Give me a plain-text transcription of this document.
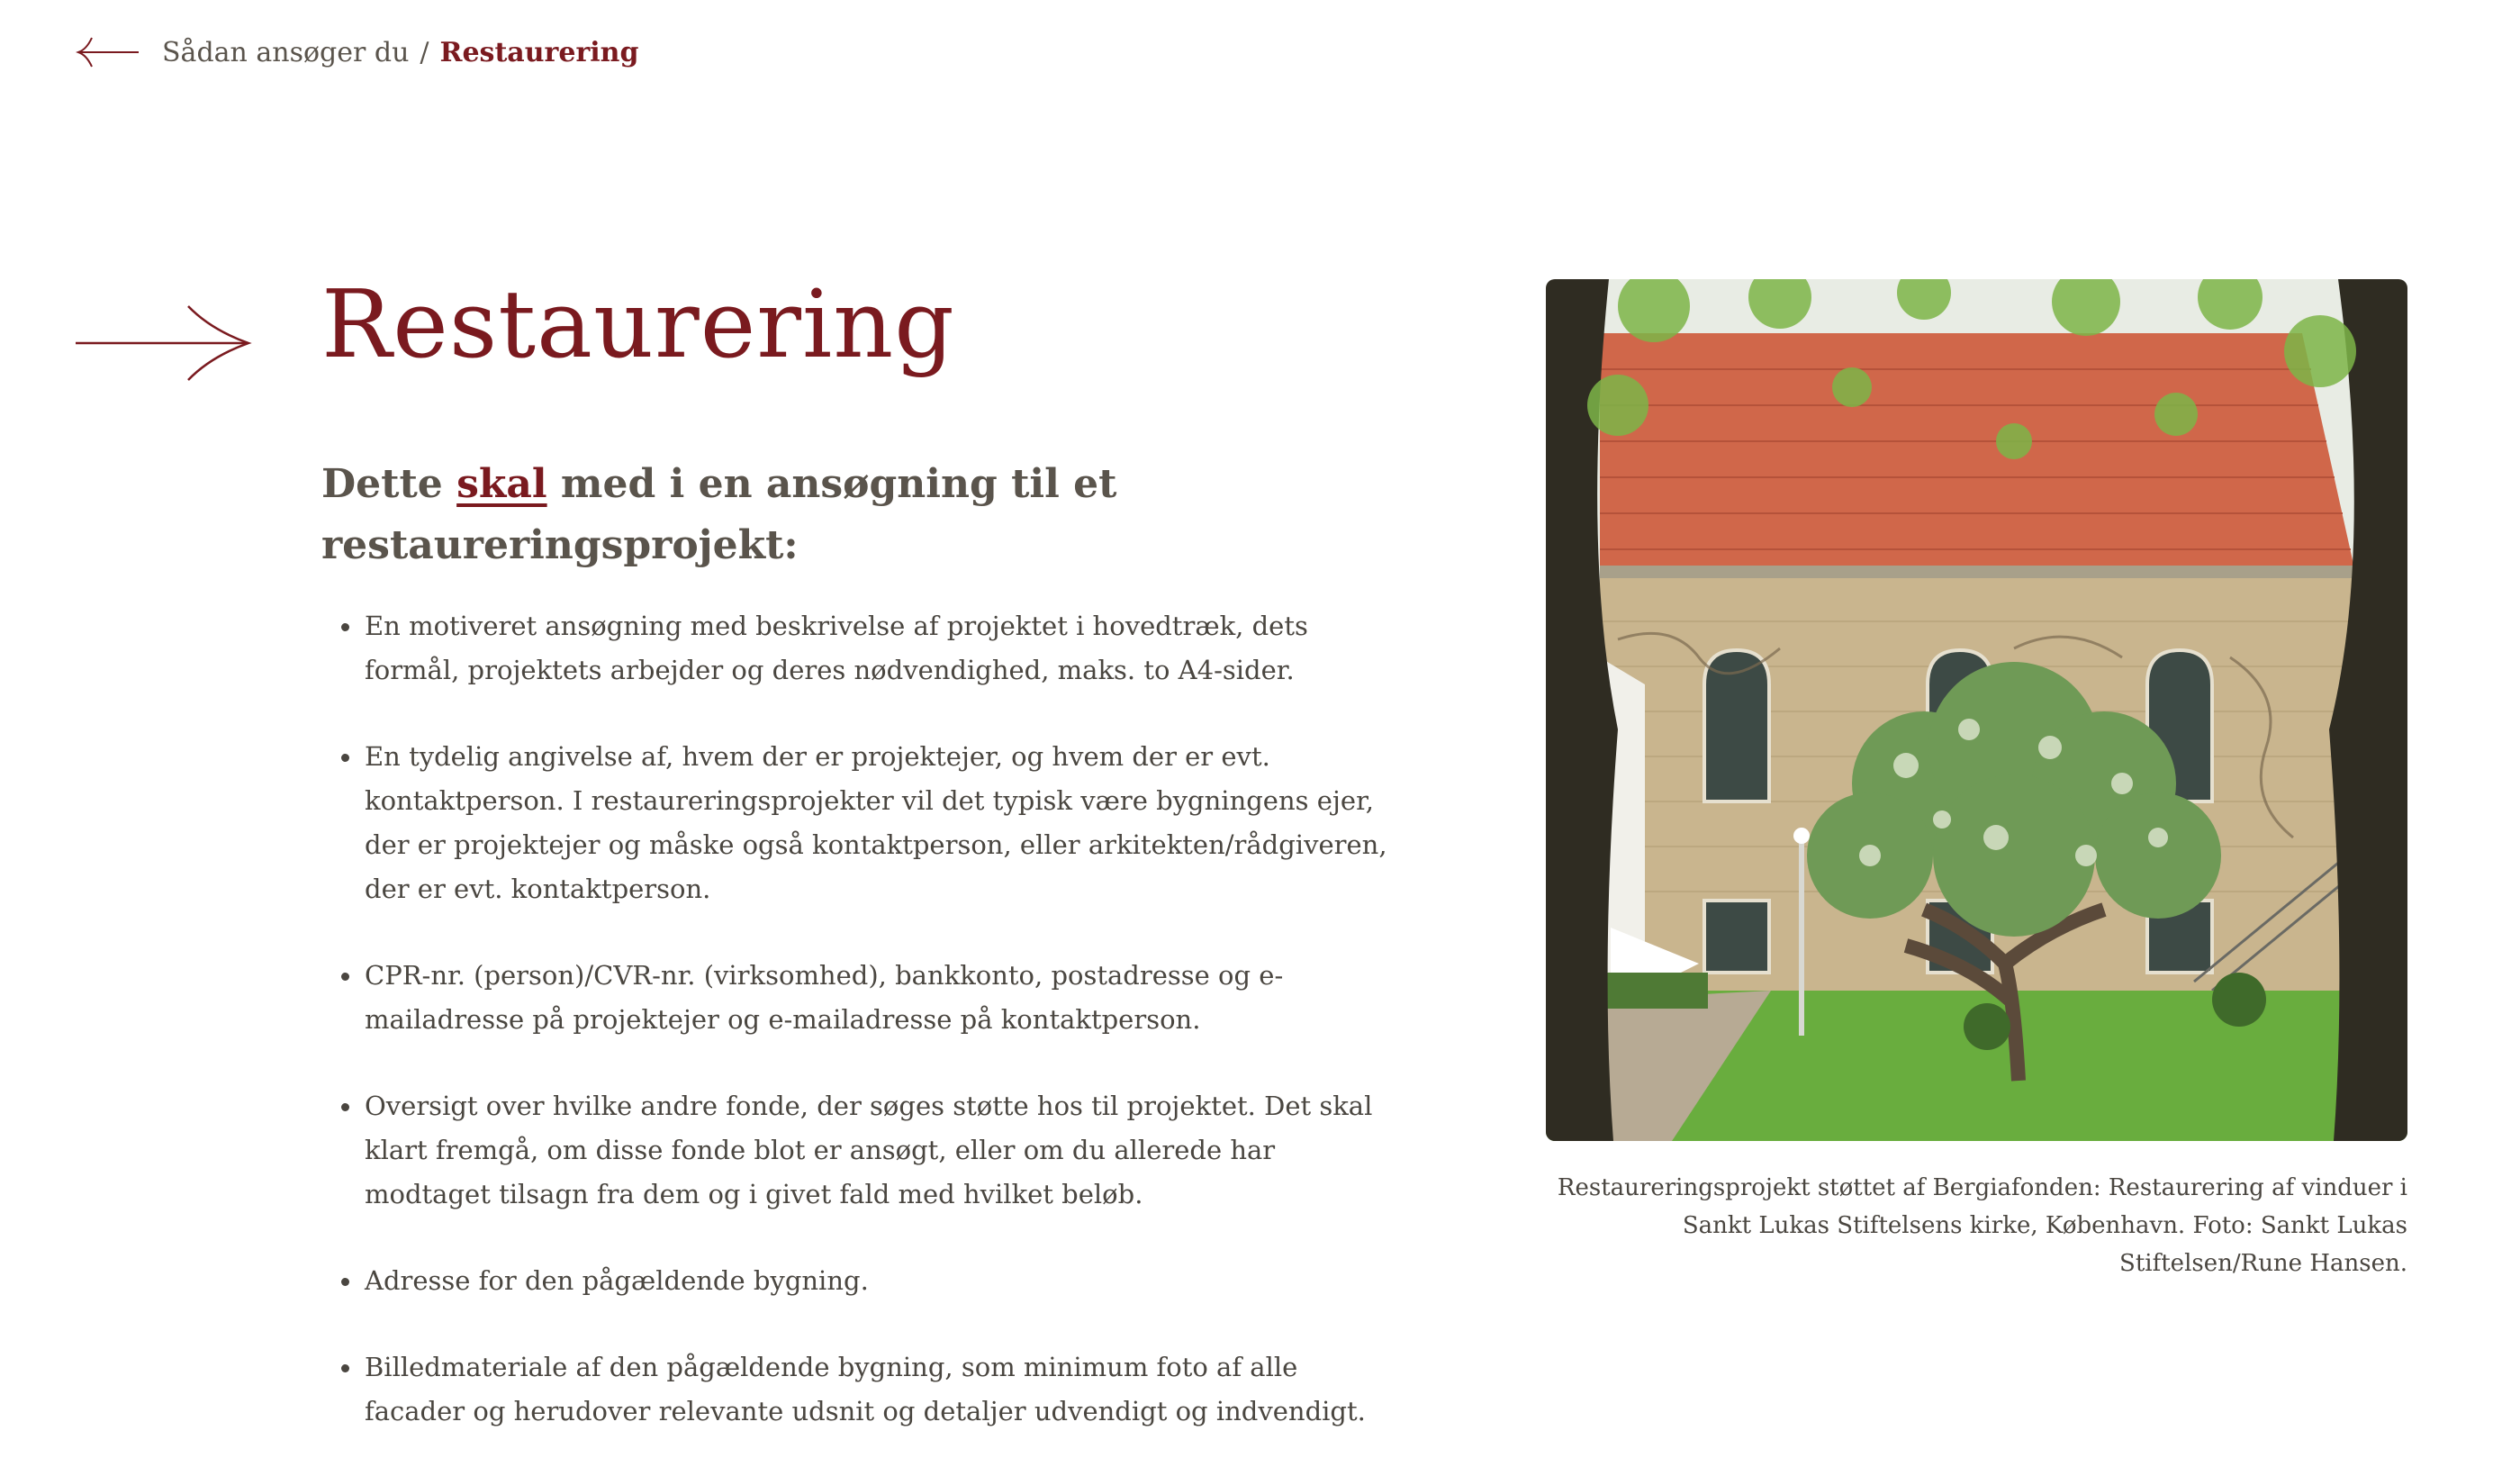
Sådan ansøger du / Restaurering
Restaurering
Dette skal med i en ansøgning til et restaureringsprojekt:
En motiveret ansøgning med beskrivelse af projektet i hovedtræk, dets formål, projektets arbejder og deres nødvendighed, maks. to A4-sider.
En tydelig angivelse af, hvem der er projektejer, og hvem der er evt. kontaktperson. I restaureringsprojekter vil det typisk være bygningens ejer, der er projektejer og måske også kontaktperson, eller arkitekten/rådgiveren, der er evt. kontaktperson.
CPR-nr. (person)/CVR-nr. (virksomhed), bankkonto, postadresse og e-mailadresse på projektejer og e-mailadresse på kontaktperson.
Oversigt over hvilke andre fonde, der søges støtte hos til projektet. Det skal klart fremgå, om disse fonde blot er ansøgt, eller om du allerede har modtaget tilsagn fra dem og i givet fald med hvilket beløb.
Adresse for den pågældende bygning.
Billedmateriale af den pågældende bygning, som minimum foto af alle facader og herudover relevante udsnit og detaljer udvendigt og indvendigt.

Restaureringsprojekt støttet af Bergiafonden: Restaurering af vinduer i Sankt Lukas Stiftelsens kirke, København. Foto: Sankt Lukas Stiftelsen/Rune Hansen.
